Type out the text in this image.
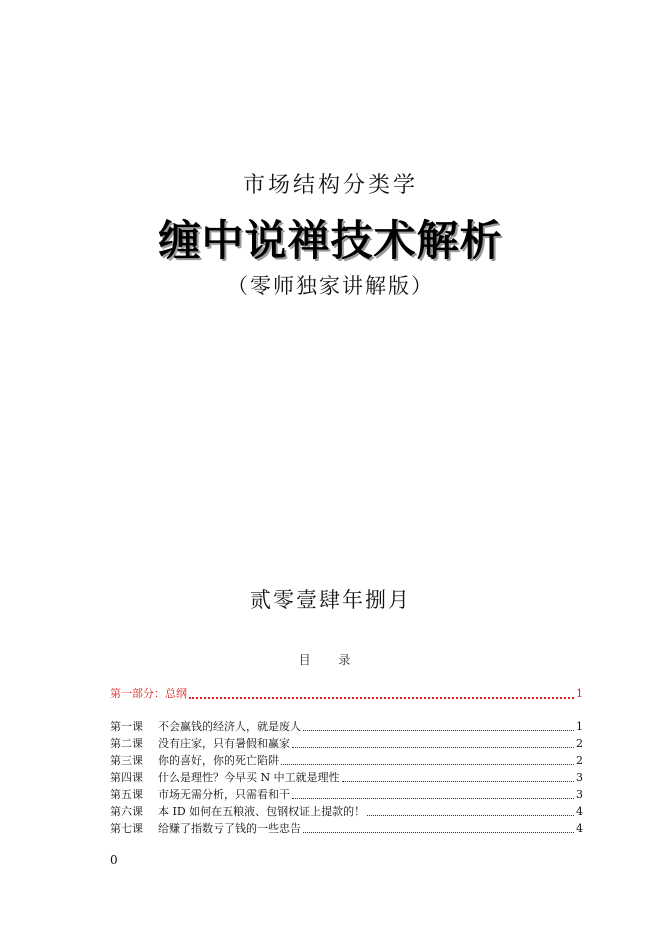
市场结构分类学
缠中说禅技术解析
（零师独家讲解版）
贰零壹肆年捌月
目 录
第一部分：总纲	1
第一课 不会赢钱的经济人，就是废人	1
第二课 没有庄家，只有暑假和赢家	2
第三课 你的喜好，你的死亡陷阱	2
第四课 什么是理性？今早买 N 中工就是理性	3
第五课 市场无需分析，只需看和干	3
第六课 本 ID 如何在五粮液、包钢权证上提款的！	4
第七课 给赚了指数亏了钱的一些忠告	4
0
